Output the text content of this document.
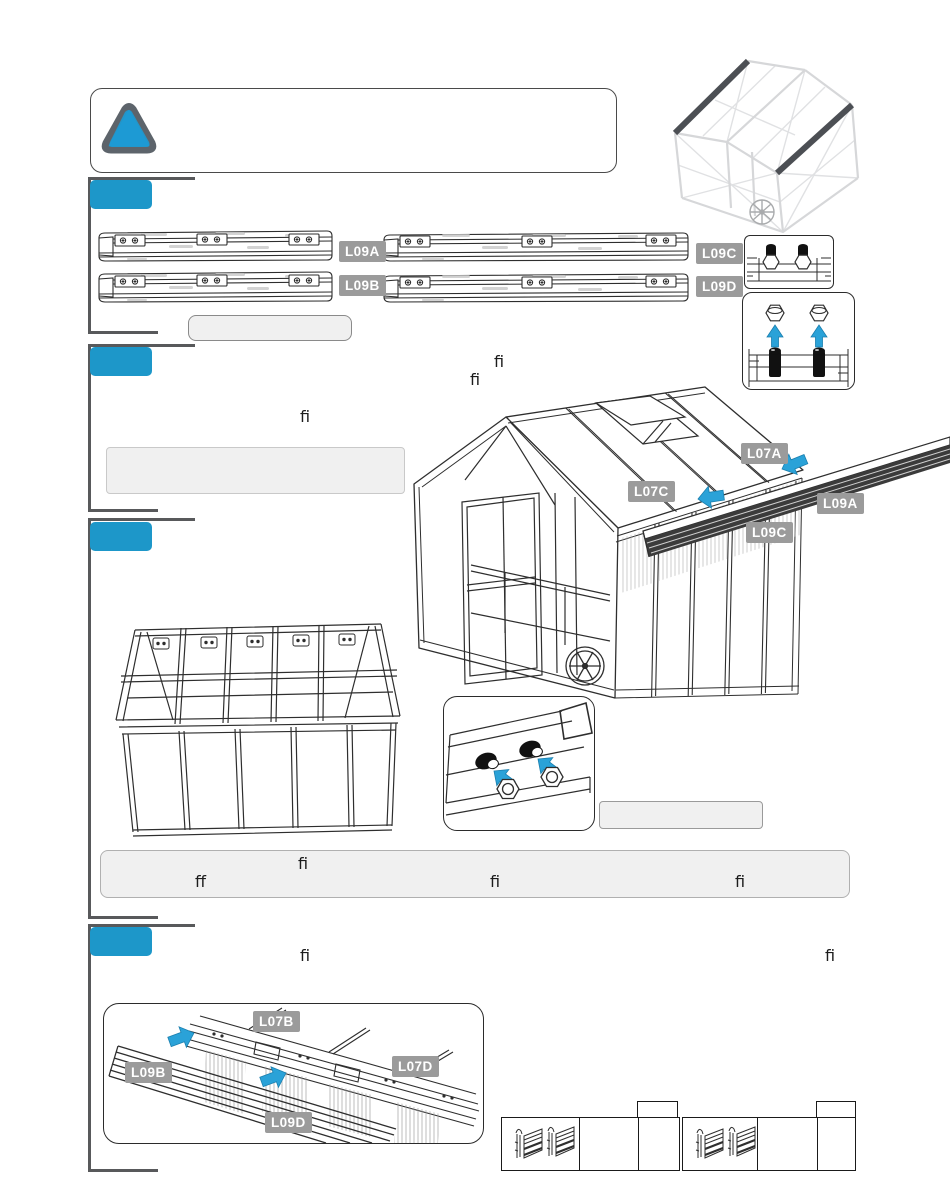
L09A
L09B
L09C
L09D
ﬁ
ﬁ
ﬁ
L07A
L07C
L09A
L09C
ﬁ
ﬀ	ﬁ	ﬁ
ﬁ	ﬁ
L07B
L09B	L07D
L09D
